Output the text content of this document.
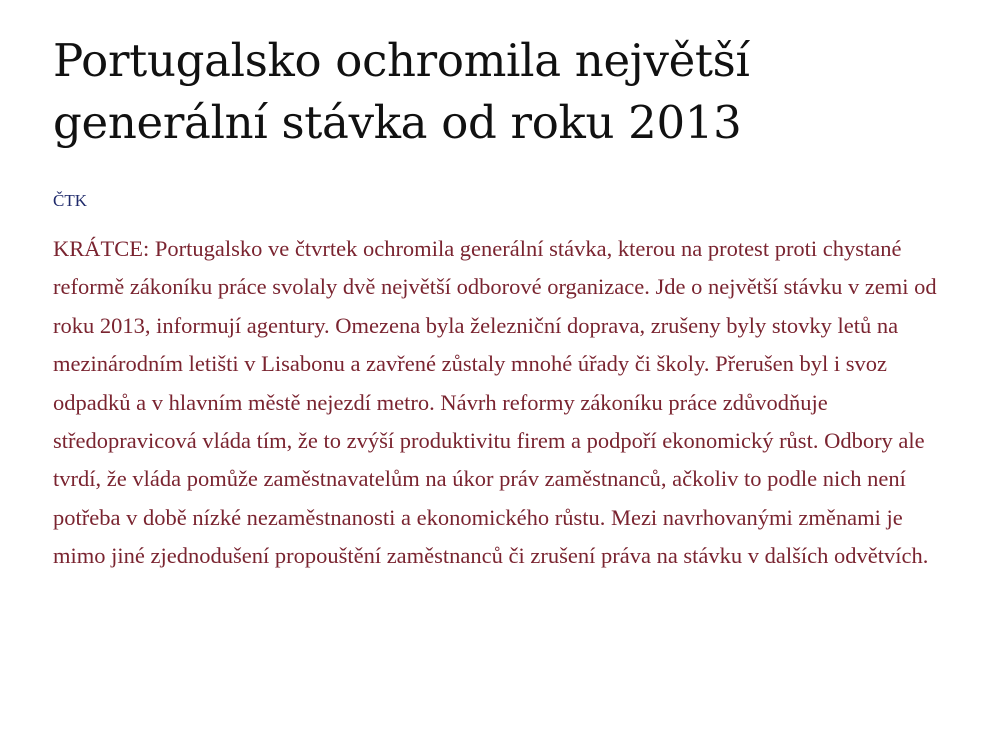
Portugalsko ochromila největší generální stávka od roku 2013
ČTK

KRÁTCE: Portugalsko ve čtvrtek ochromila generální stávka, kterou na protest proti chystané reformě zákoníku práce svolaly dvě největší odborové organizace. Jde o největší stávku v zemi od roku 2013, informují agentury. Omezena byla železniční doprava, zrušeny byly stovky letů na mezinárodním letišti v Lisabonu a zavřené zůstaly mnohé úřady či školy. Přerušen byl i svoz odpadků a v hlavním městě nejezdí metro. Návrh reformy zákoníku práce zdůvodňuje středopravicová vláda tím, že to zvýší produktivitu firem a podpoří ekonomický růst. Odbory ale tvrdí, že vláda pomůže zaměstnavatelům na úkor práv zaměstnanců, ačkoliv to podle nich není potřeba v době nízké nezaměstnanosti a ekonomického růstu. Mezi navrhovanými změnami je mimo jiné zjednodušení propouštění zaměstnanců či zrušení práva na stávku v dalších odvětvích.
